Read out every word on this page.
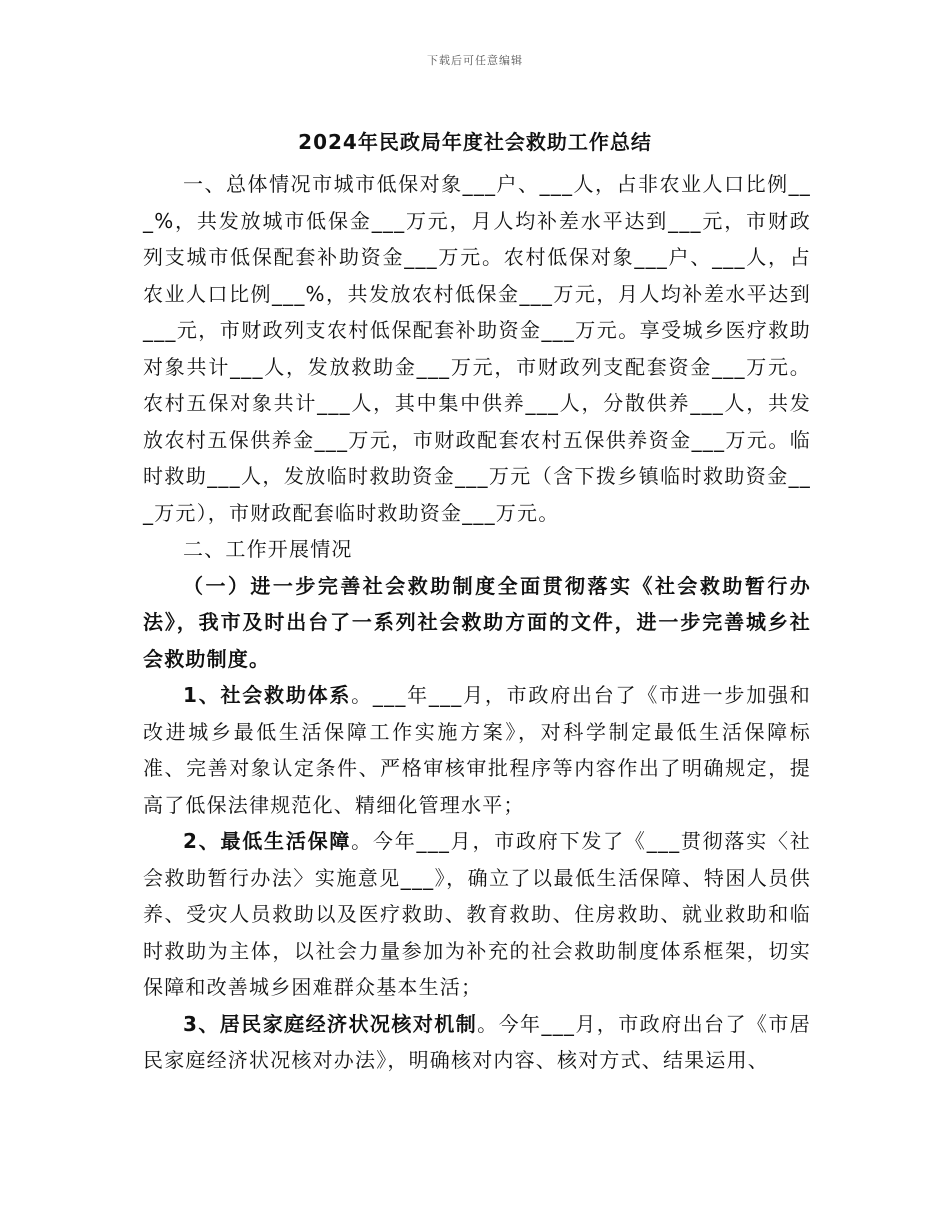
下载后可任意编辑
2024年民政局年度社会救助工作总结

一、总体情况市城市低保对象___户、___人，占非农业人口比例___%，共发放城市低保金___万元，月人均补差水平达到___元，市财政列支城市低保配套补助资金___万元。农村低保对象___户、___人，占农业人口比例___%，共发放农村低保金___万元，月人均补差水平达到___元，市财政列支农村低保配套补助资金___万元。享受城乡医疗救助对象共计___人，发放救助金___万元，市财政列支配套资金___万元。农村五保对象共计___人，其中集中供养___人，分散供养___人，共发放农村五保供养金___万元，市财政配套农村五保供养资金___万元。临时救助___人，发放临时救助资金___万元（含下拨乡镇临时救助资金___万元），市财政配套临时救助资金___万元。

二、工作开展情况

（一）进一步完善社会救助制度全面贯彻落实《社会救助暂行办法》，我市及时出台了一系列社会救助方面的文件，进一步完善城乡社会救助制度。

1、社会救助体系。___年___月，市政府出台了《市进一步加强和改进城乡最低生活保障工作实施方案》，对科学制定最低生活保障标准、完善对象认定条件、严格审核审批程序等内容作出了明确规定，提高了低保法律规范化、精细化管理水平；

2、最低生活保障。今年___月，市政府下发了《___贯彻落实〈社会救助暂行办法〉实施意见___》，确立了以最低生活保障、特困人员供养、受灾人员救助以及医疗救助、教育救助、住房救助、就业救助和临时救助为主体，以社会力量参加为补充的社会救助制度体系框架，切实保障和改善城乡困难群众基本生活；

3、居民家庭经济状况核对机制。今年___月，市政府出台了《市居民家庭经济状况核对办法》，明确核对内容、核对方式、结果运用、
